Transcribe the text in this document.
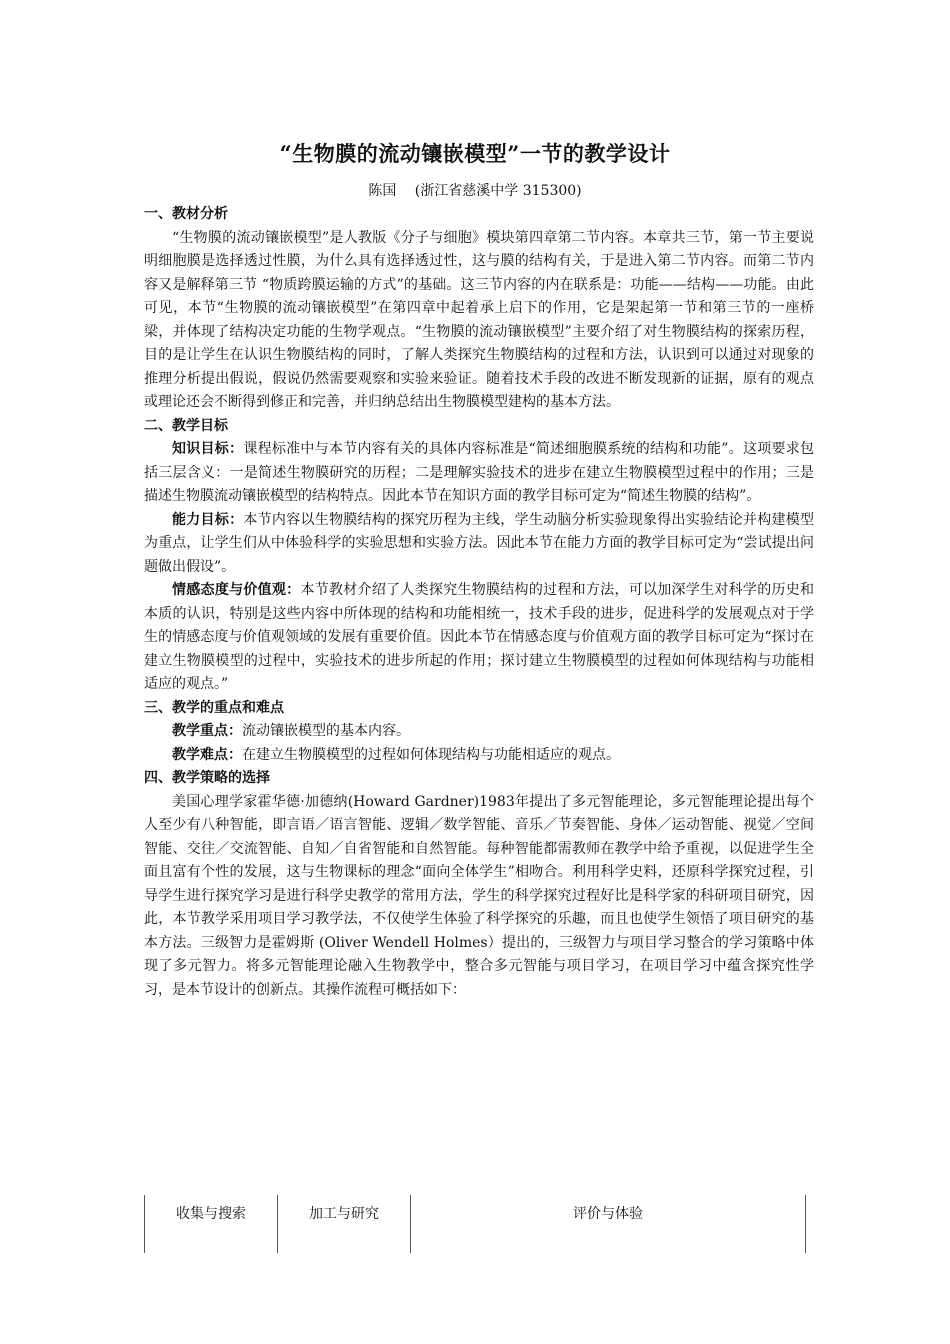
“生物膜的流动镶嵌模型”一节的教学设计
陈国　 (浙江省慈溪中学 315300)
一、教材分析

“生物膜的流动镶嵌模型”是人教版《分子与细胞》模块第四章第二节内容。本章共三节，第一节主要说明细胞膜是选择透过性膜，为什么具有选择透过性，这与膜的结构有关，于是进入第二节内容。而第二节内容又是解释第三节 “物质跨膜运输的方式”的基础。这三节内容的内在联系是：功能——结构——功能。由此可见，本节“生物膜的流动镶嵌模型”在第四章中起着承上启下的作用，它是架起第一节和第三节的一座桥梁，并体现了结构决定功能的生物学观点。“生物膜的流动镶嵌模型”主要介绍了对生物膜结构的探索历程，目的是让学生在认识生物膜结构的同时，了解人类探究生物膜结构的过程和方法，认识到可以通过对现象的推理分析提出假说，假说仍然需要观察和实验来验证。随着技术手段的改进不断发现新的证据，原有的观点或理论还会不断得到修正和完善，并归纳总结出生物膜模型建构的基本方法。

二、教学目标

知识目标：课程标准中与本节内容有关的具体内容标准是“简述细胞膜系统的结构和功能”。这项要求包括三层含义：一是简述生物膜研究的历程；二是理解实验技术的进步在建立生物膜模型过程中的作用；三是描述生物膜流动镶嵌模型的结构特点。因此本节在知识方面的教学目标可定为“简述生物膜的结构”。

能力目标：本节内容以生物膜结构的探究历程为主线，学生动脑分析实验现象得出实验结论并构建模型为重点，让学生们从中体验科学的实验思想和实验方法。因此本节在能力方面的教学目标可定为“尝试提出问题做出假设”。

情感态度与价值观：本节教材介绍了人类探究生物膜结构的过程和方法，可以加深学生对科学的历史和本质的认识，特别是这些内容中所体现的结构和功能相统一，技术手段的进步，促进科学的发展观点对于学生的情感态度与价值观领域的发展有重要价值。因此本节在情感态度与价值观方面的教学目标可定为“探讨在建立生物膜模型的过程中，实验技术的进步所起的作用；探讨建立生物膜模型的过程如何体现结构与功能相适应的观点。”

三、教学的重点和难点

教学重点：流动镶嵌模型的基本内容。

教学难点：在建立生物膜模型的过程如何体现结构与功能相适应的观点。

四、教学策略的选择

美国心理学家霍华德·加德纳(Howard Gardner)1983年提出了多元智能理论，多元智能理论提出每个人至少有八种智能，即言语／语言智能、逻辑／数学智能、音乐／节奏智能、身体／运动智能、视觉／空间智能、交往／交流智能、自知／自省智能和自然智能。每种智能都需教师在教学中给予重视，以促进学生全面且富有个性的发展，这与生物课标的理念“面向全体学生”相吻合。利用科学史料，还原科学探究过程，引导学生进行探究学习是进行科学史教学的常用方法，学生的科学探究过程好比是科学家的科研项目研究，因此，本节教学采用项目学习教学法，不仅使学生体验了科学探究的乐趣，而且也使学生领悟了项目研究的基本方法。三级智力是霍姆斯 (Oliver Wendell Holmes）提出的，三级智力与项目学习整合的学习策略中体现了多元智力。将多元智能理论融入生物教学中，整合多元智能与项目学习，在项目学习中蕴含探究性学习，是本节设计的创新点。其操作流程可概括如下：

收集与搜索	加工与研究	评价与体验
